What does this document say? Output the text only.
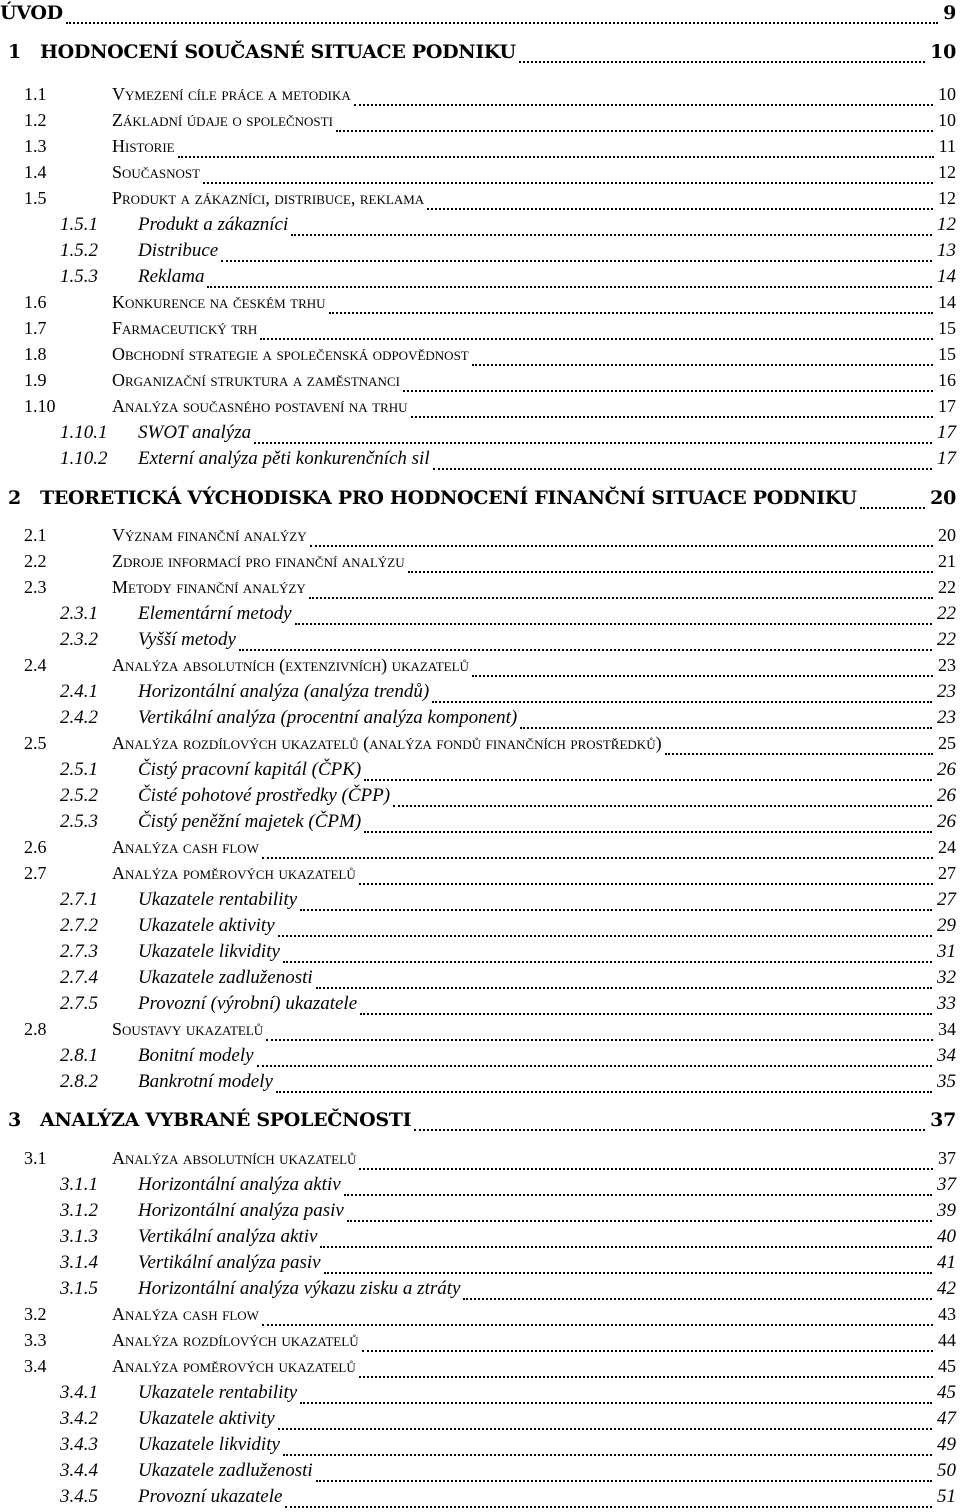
ÚVOD	9
1 HODNOCENÍ SOUČASNÉ SITUACE PODNIKU	10
1.1	Vymezení cíle práce a metodika	10
1.2	Základní údaje o společnosti	10
1.3	Historie	11
1.4	Současnost	12
1.5	Produkt a zákazníci, distribuce, reklama	12
1.5.1 Produkt a zákazníci	12
1.5.2 Distribuce	13
1.5.3 Reklama	14
1.6	Konkurence na českém trhu	14
1.7	Farmaceutický trh	15
1.8	Obchodní strategie a společenská odpovědnost	15
1.9	Organizační struktura a zaměstnanci	16
1.10	Analýza současného postavení na trhu	17
1.10.1 SWOT analýza	17
1.10.2 Externí analýza pěti konkurenčních sil	17
2 TEORETICKÁ VÝCHODISKA PRO HODNOCENÍ FINANČNÍ SITUACE PODNIKU	20
2.1	Význam finanční analýzy	20
2.2	Zdroje informací pro finanční analýzu	21
2.3	Metody finanční analýzy	22
2.3.1 Elementární metody	22
2.3.2 Vyšší metody	22
2.4	Analýza absolutních (extenzivních) ukazatelů	23
2.4.1 Horizontální analýza (analýza trendů)	23
2.4.2 Vertikální analýza (procentní analýza komponent)	23
2.5	Analýza rozdílových ukazatelů (analýza fondů finančních prostředků)	25
2.5.1 Čistý pracovní kapitál (ČPK)	26
2.5.2 Čisté pohotové prostředky (ČPP)	26
2.5.3 Čistý peněžní majetek (ČPM)	26
2.6	Analýza cash flow	24
2.7	Analýza poměrových ukazatelů	27
2.7.1 Ukazatele rentability	27
2.7.2 Ukazatele aktivity	29
2.7.3 Ukazatele likvidity	31
2.7.4 Ukazatele zadluženosti	32
2.7.5 Provozní (výrobní) ukazatele	33
2.8	Soustavy ukazatelů	34
2.8.1 Bonitní modely	34
2.8.2 Bankrotní modely	35
3 ANALÝZA VYBRANÉ SPOLEČNOSTI	37
3.1	Analýza absolutních ukazatelů	37
3.1.1 Horizontální analýza aktiv	37
3.1.2 Horizontální analýza pasiv	39
3.1.3 Vertikální analýza aktiv	40
3.1.4 Vertikální analýza pasiv	41
3.1.5 Horizontální analýza výkazu zisku a ztráty	42
3.2	Analýza cash flow	43
3.3	Analýza rozdílových ukazatelů	44
3.4	Analýza poměrových ukazatelů	45
3.4.1 Ukazatele rentability	45
3.4.2 Ukazatele aktivity	47
3.4.3 Ukazatele likvidity	49
3.4.4 Ukazatele zadluženosti	50
3.4.5 Provozní ukazatele	51
